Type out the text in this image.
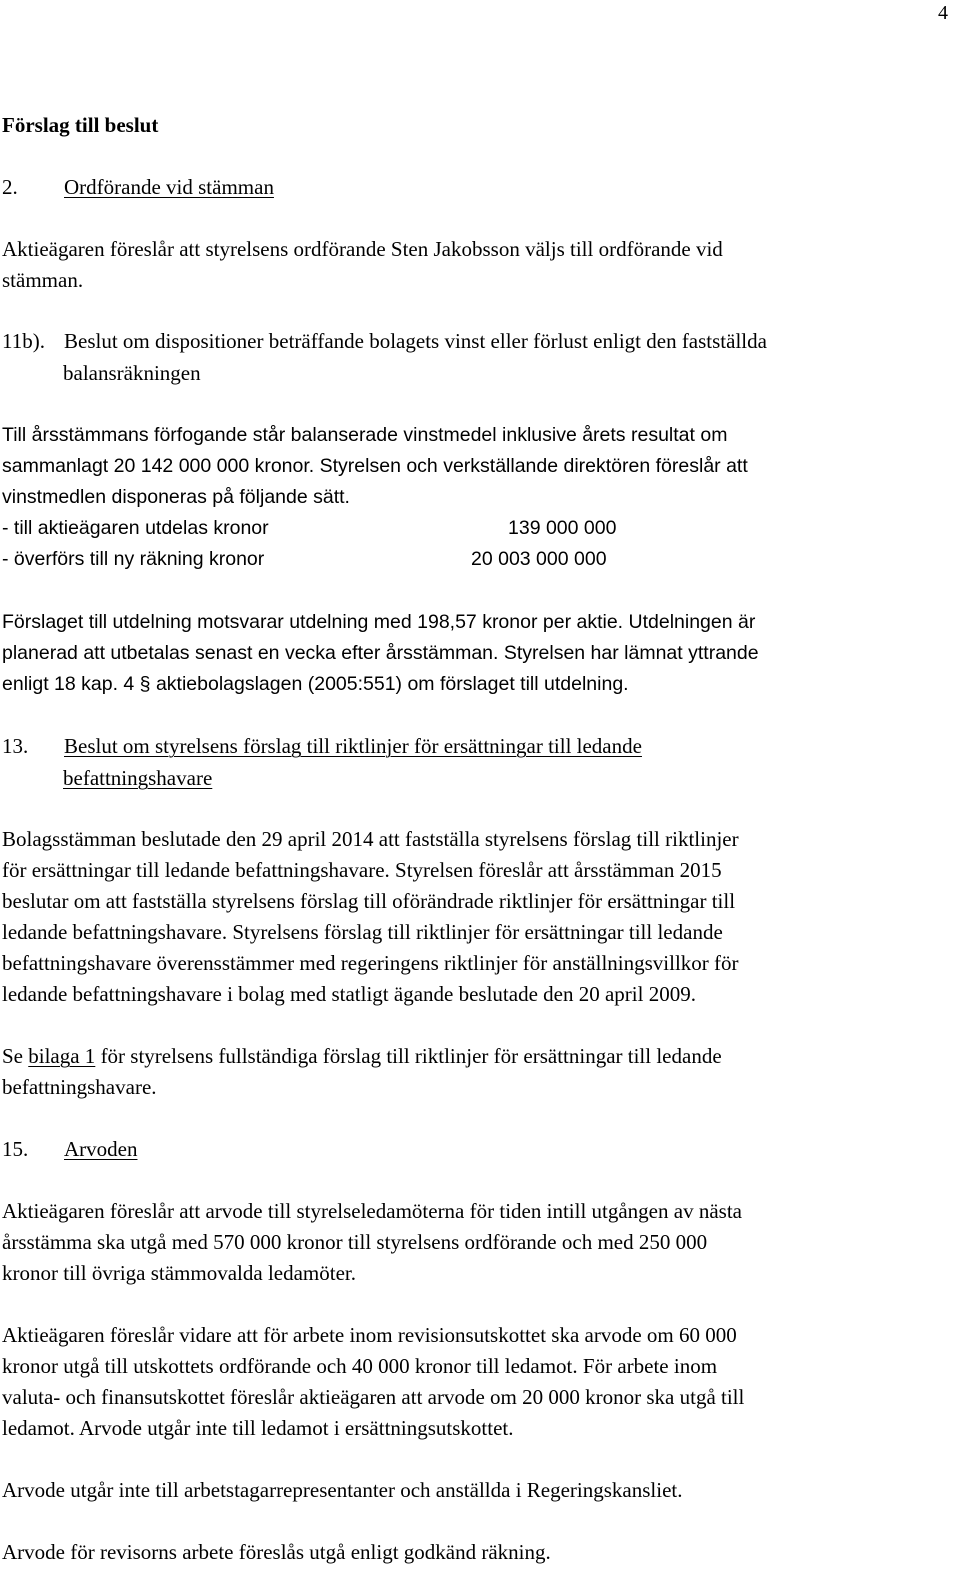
4
Förslag till beslut
2. Ordförande vid stämman
Aktieägaren föreslår att styrelsens ordförande Sten Jakobsson väljs till ordförande vid
stämman.
11b). Beslut om dispositioner beträffande bolagets vinst eller förlust enligt den fastställda
balansräkningen
Till årsstämmans förfogande står balanserade vinstmedel inklusive årets resultat om
sammanlagt 20 142 000 000 kronor. Styrelsen och verkställande direktören föreslår att
vinstmedlen disponeras på följande sätt.
- till aktieägaren utdelas kronor	139 000 000
- överförs till ny räkning kronor	20 003 000 000
Förslaget till utdelning motsvarar utdelning med 198,57 kronor per aktie. Utdelningen är
planerad att utbetalas senast en vecka efter årsstämman. Styrelsen har lämnat yttrande
enligt 18 kap. 4 § aktiebolagslagen (2005:551) om förslaget till utdelning.
13. Beslut om styrelsens förslag till riktlinjer för ersättningar till ledande
befattningshavare
Bolagsstämman beslutade den 29 april 2014 att fastställa styrelsens förslag till riktlinjer
för ersättningar till ledande befattningshavare. Styrelsen föreslår att årsstämman 2015
beslutar om att fastställa styrelsens förslag till oförändrade riktlinjer för ersättningar till
ledande befattningshavare. Styrelsens förslag till riktlinjer för ersättningar till ledande
befattningshavare överensstämmer med regeringens riktlinjer för anställningsvillkor för
ledande befattningshavare i bolag med statligt ägande beslutade den 20 april 2009.
Se bilaga 1 för styrelsens fullständiga förslag till riktlinjer för ersättningar till ledande
befattningshavare.
15. Arvoden
Aktieägaren föreslår att arvode till styrelseledamöterna för tiden intill utgången av nästa
årsstämma ska utgå med 570 000 kronor till styrelsens ordförande och med 250 000
kronor till övriga stämmovalda ledamöter.
Aktieägaren föreslår vidare att för arbete inom revisionsutskottet ska arvode om 60 000
kronor utgå till utskottets ordförande och 40 000 kronor till ledamot. För arbete inom
valuta- och finansutskottet föreslår aktieägaren att arvode om 20 000 kronor ska utgå till
ledamot. Arvode utgår inte till ledamot i ersättningsutskottet.
Arvode utgår inte till arbetstagarrepresentanter och anställda i Regeringskansliet.
Arvode för revisorns arbete föreslås utgå enligt godkänd räkning.
